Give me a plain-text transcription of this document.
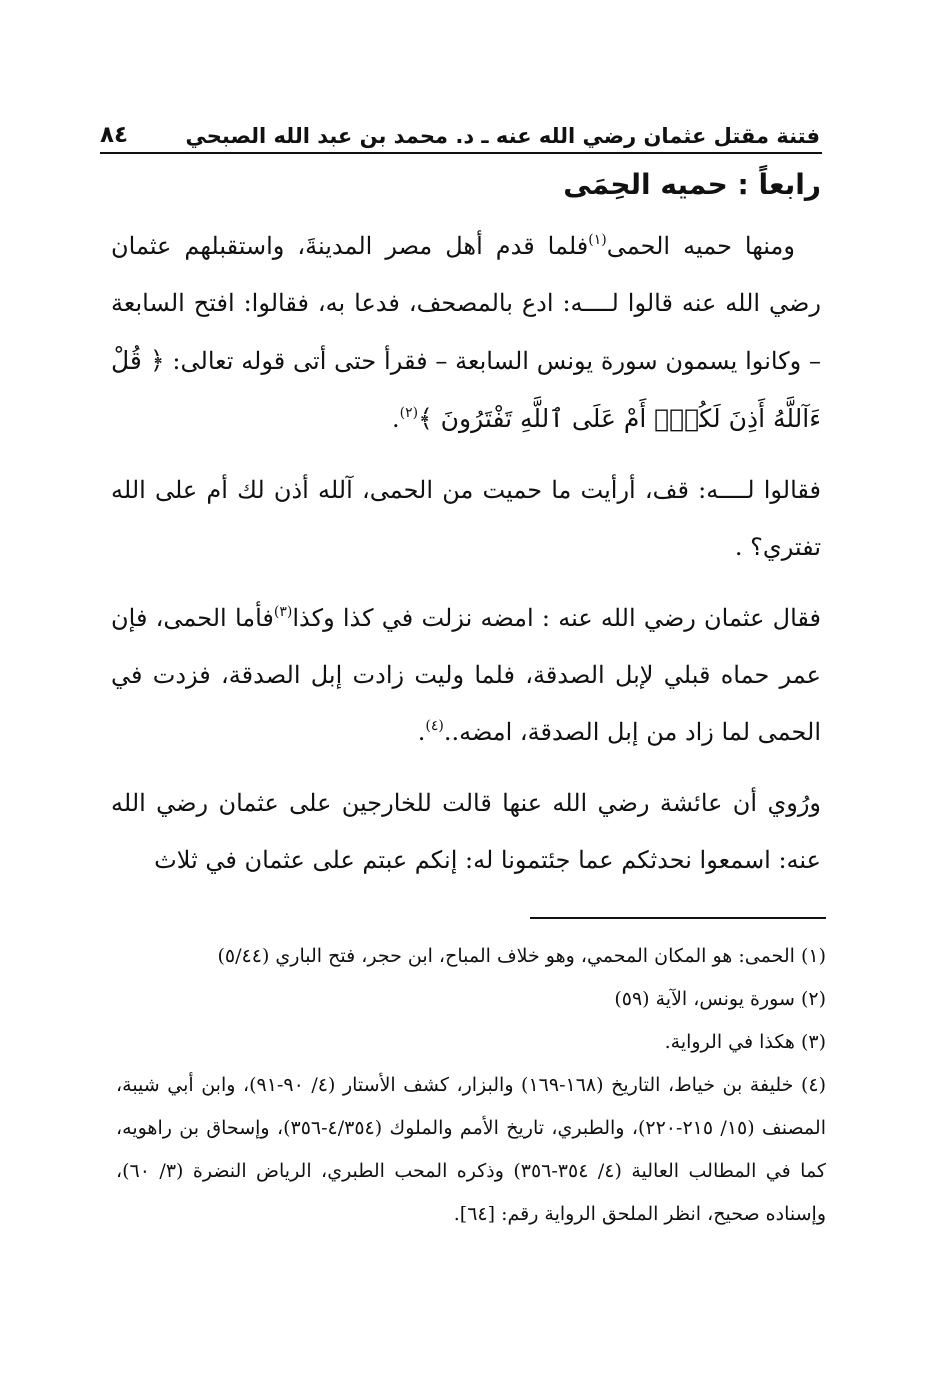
فتنة مقتل عثمان رضي الله عنه ـ د. محمد بن عبد الله الصبحي
٨٤
رابعاً : حميه الحِمَى

ومنها حميه الحمى$^{(١)}$فلما قدم أهل مصر المدينةَ، واستقبلهم عثمان رضي الله عنه قالوا لــــه: ادع بالمصحف، فدعا به، فقالوا: افتح السابعة – وكانوا يسمون سورة يونس السابعة – فقرأ حتى أتى قوله تعالى: ﴿ قُلْ ءَآللَّهُ أَذِنَ لَكُمْۖ أَمْ عَلَى ٱللَّهِ تَفْتَرُونَ ﴾$^{(٢)}$.

فقالوا لــــه: قف، أرأيت ما حميت من الحمى، آلله أذن لك أم على الله تفتري؟ .

فقال عثمان رضي الله عنه : امضه نزلت في كذا وكذا$^{(٣)}$فأما الحمى، فإن عمر حماه قبلي لإبل الصدقة، فلما وليت زادت إبل الصدقة، فزدت في الحمى لما زاد من إبل الصدقة، امضه..$^{(٤)}$.

ورُوي أن عائشة رضي الله عنها قالت للخارجين على عثمان رضي الله عنه: اسمعوا نحدثكم عما جئتمونا له: إنكم عبتم على عثمان في ثلاث

(١) الحمى: هو المكان المحمي، وهو خلاف المباح، ابن حجر، فتح الباري (٥/٤٤)

(٢) سورة يونس، الآية (٥٩)

(٣) هكذا في الرواية.

(٤) خليفة بن خياط، التاريخ (١٦٨-١٦٩) والبزار، كشف الأستار (٤/ ٩٠-٩١)، وابن أبي شيبة، المصنف (١٥/ ٢١٥-٢٢٠)، والطبري، تاريخ الأمم والملوك (٤/٣٥٤-٣٥٦)، وإسحاق بن راهويه، كما في المطالب العالية (٤/ ٣٥٤-٣٥٦) وذكره المحب الطبري، الرياض النضرة (٣/ ٦٠)، وإسناده صحيح، انظر الملحق الرواية رقم: [٦٤].
